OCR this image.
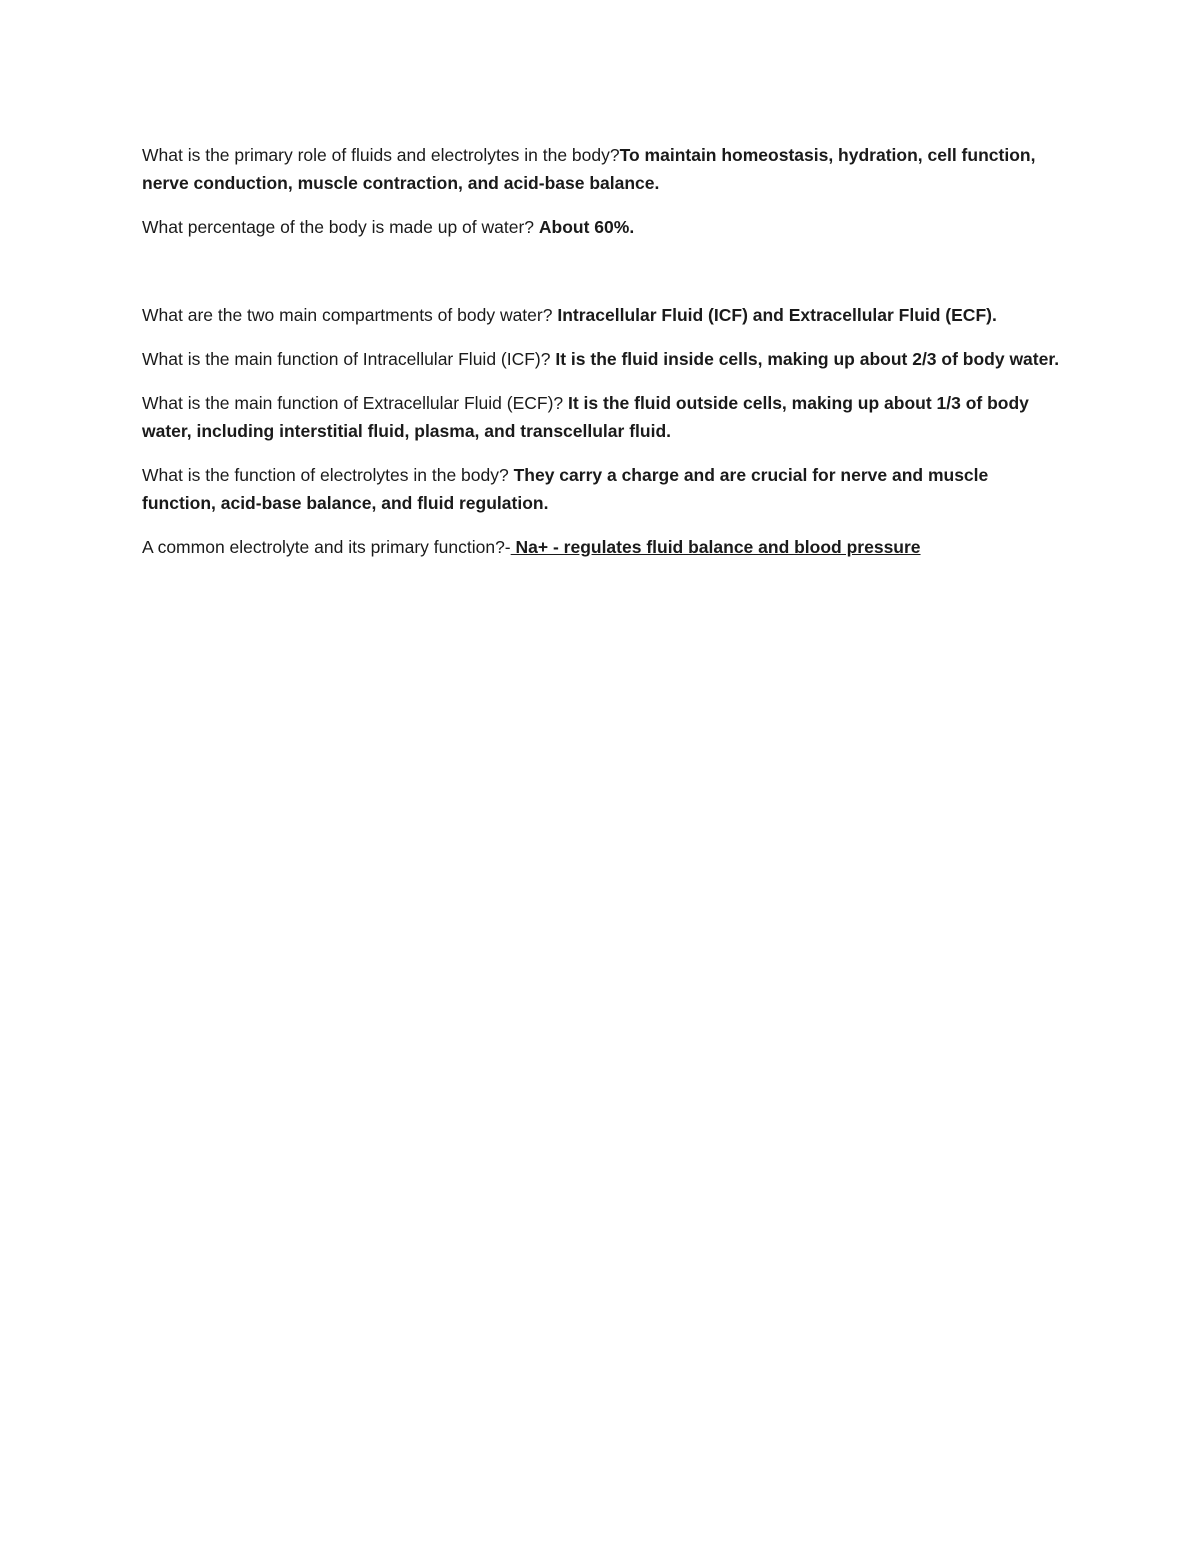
What is the primary role of fluids and electrolytes in the body?To maintain homeostasis, hydration, cell function, nerve conduction, muscle contraction, and acid-base balance.

What percentage of the body is made up of water? About 60%.

What are the two main compartments of body water? Intracellular Fluid (ICF) and Extracellular Fluid (ECF).

What is the main function of Intracellular Fluid (ICF)? It is the fluid inside cells, making up about 2/3 of body water.

What is the main function of Extracellular Fluid (ECF)? It is the fluid outside cells, making up about 1/3 of body water, including interstitial fluid, plasma, and transcellular fluid.

What is the function of electrolytes in the body? They carry a charge and are crucial for nerve and muscle function, acid-base balance, and fluid regulation.

A common electrolyte and its primary function?- Na+ - regulates fluid balance and blood pressure
